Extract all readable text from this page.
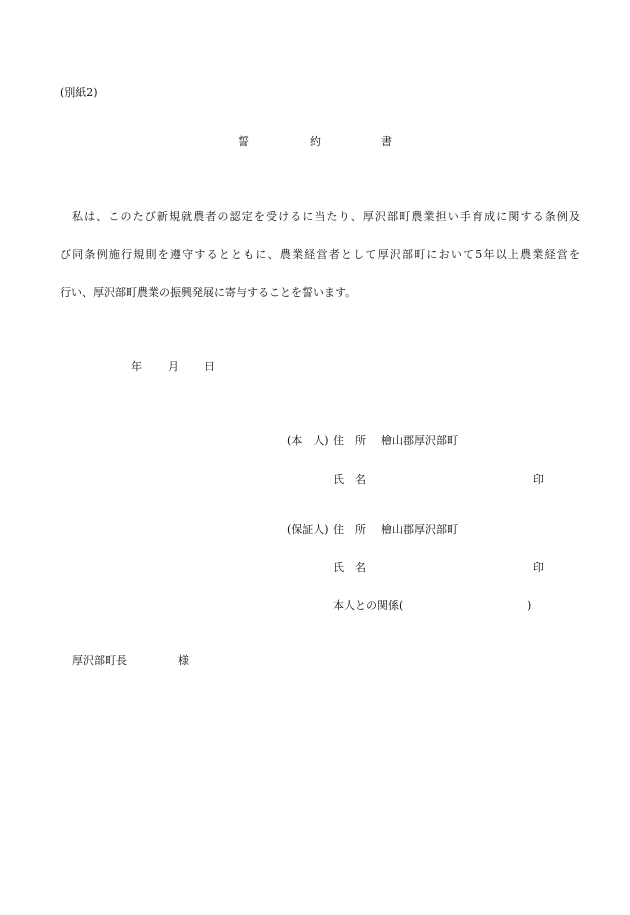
(別紙2)
誓	約	書
私は、このたび新規就農者の認定を受けるに当たり、厚沢部町農業担い手育成に関する条例及
び同条例施行規則を遵守するとともに、農業経営者として厚沢部町において5年以上農業経営を
行い、厚沢部町農業の振興発展に寄与することを誓います。
年 月 日
(本　人) 住　所 檜山郡厚沢部町
氏　名	印
(保証人) 住　所 檜山郡厚沢部町
氏　名	印
本人との関係(	)
厚沢部町長	様
